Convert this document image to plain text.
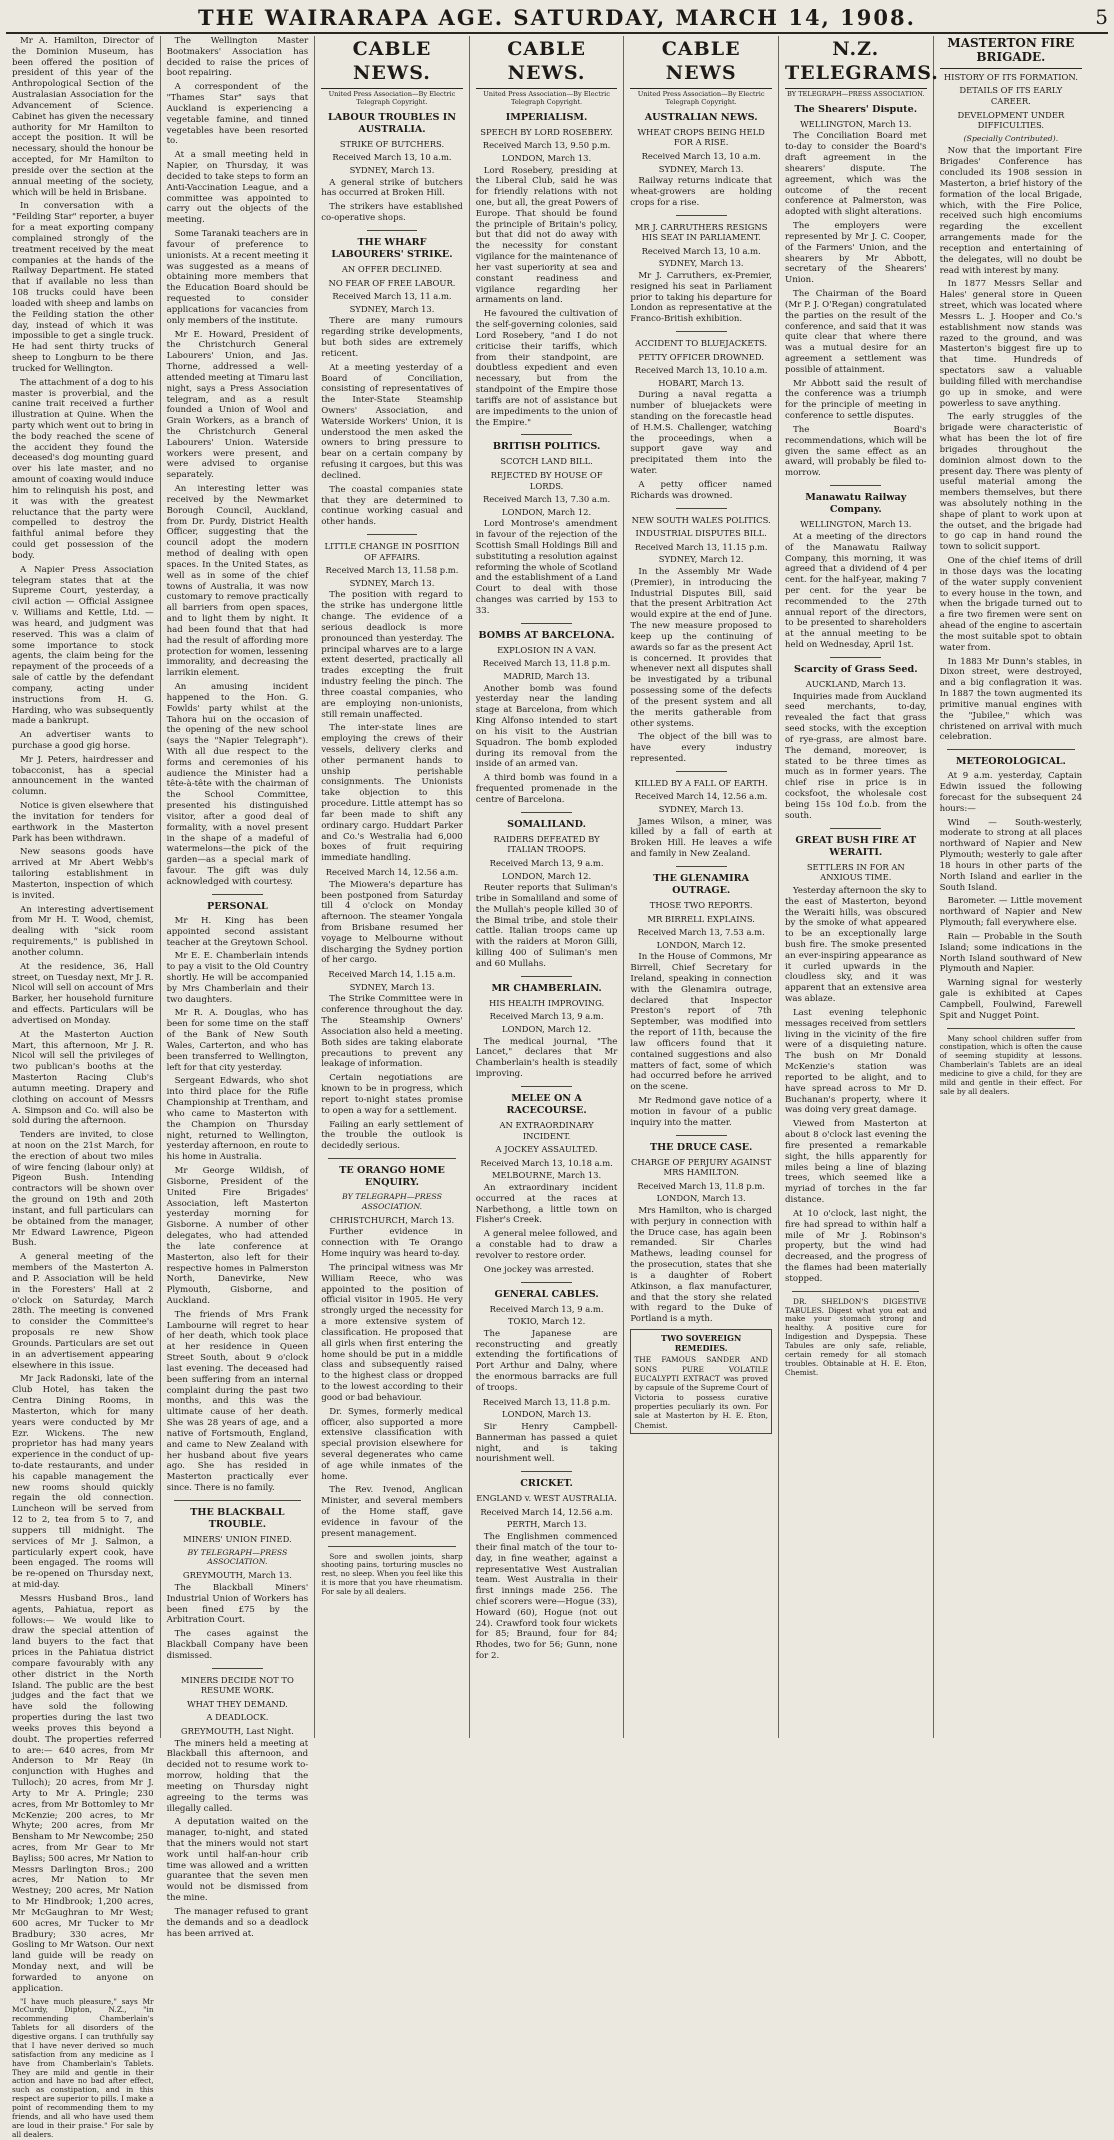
THE WAIRARAPA AGE. SATURDAY, MARCH 14, 1908.	5

Mr A. Hamilton, Director of the Dominion Museum, has been offered the position of president of this year of the Anthropological Section of the Australasian Association for the Advancement of Science. Cabinet has given the necessary authority for Mr Hamilton to accept the position. It will be necessary, should the honour be accepted, for Mr Hamilton to preside over the section at the annual meeting of the society, which will be held in Brisbane.

In conversation with a "Feilding Star" reporter, a buyer for a meat exporting company complained strongly of the treatment received by the meat companies at the hands of the Railway Department. He stated that if available no less than 108 trucks could have been loaded with sheep and lambs on the Feilding station the other day, instead of which it was impossible to get a single truck. He had sent thirty trucks of sheep to Longburn to be there trucked for Wellington.

The attachment of a dog to his master is proverbial, and the canine trait received a further illustration at Quine. When the party which went out to bring in the body reached the scene of the accident they found the deceased's dog mounting guard over his late master, and no amount of coaxing would induce him to relinquish his post, and it was with the greatest reluctance that the party were compelled to destroy the faithful animal before they could get possession of the body.

A Napier Press Association telegram states that at the Supreme Court, yesterday, a civil action — Official Assignee v. Williams and Kettle, Ltd. — was heard, and judgment was reserved. This was a claim of some importance to stock agents, the claim being for the repayment of the proceeds of a sale of cattle by the defendant company, acting under instructions from H. G. Harding, who was subsequently made a bankrupt.

An advertiser wants to purchase a good gig horse.

Mr J. Peters, hairdresser and tobacconist, has a special announcement in the wanted column.

Notice is given elsewhere that the invitation for tenders for earthwork in the Masterton Park has been withdrawn.

New seasons goods have arrived at Mr Abert Webb's tailoring establishment in Masterton, inspection of which is invited.

An interesting advertisement from Mr H. T. Wood, chemist, dealing with "sick room requirements," is published in another column.

At the residence, 36, Hall street, on Tuesday next, Mr J. R. Nicol will sell on account of Mrs Barker, her household furniture and effects. Particulars will be advertised on Monday.

At the Masterton Auction Mart, this afternoon, Mr J. R. Nicol will sell the privileges of two publican's booths at the Masterton Racing Club's autumn meeting. Drapery and clothing on account of Messrs A. Simpson and Co. will also be sold during the afternoon.

Tenders are invited, to close at noon on the 21st March, for the erection of about two miles of wire fencing (labour only) at Pigeon Bush. Intending contractors will be shown over the ground on 19th and 20th instant, and full particulars can be obtained from the manager, Mr Edward Lawrence, Pigeon Bush.

A general meeting of the members of the Masterton A. and P. Association will be held in the Foresters' Hall at 2 o'clock on Saturday, March 28th. The meeting is convened to consider the Committee's proposals re new Show Grounds. Particulars are set out in an advertisement appearing elsewhere in this issue.

Mr Jack Radonski, late of the Club Hotel, has taken the Centra Dining Rooms, in Masterton, which for many years were conducted by Mr Ezr. Wickens. The new proprietor has had many years experience in the conduct of up-to-date restaurants, and under his capable management the new rooms should quickly regain the old connection. Luncheon will be served from 12 to 2, tea from 5 to 7, and suppers till midnight. The services of Mr J. Salmon, a particularly expert cook, have been engaged. The rooms will be re-opened on Thursday next, at mid-day.

Messrs Husband Bros., land agents, Pahiatua, report as follows:— We would like to draw the special attention of land buyers to the fact that prices in the Pahiatua district compare favourably with any other district in the North Island. The public are the best judges and the fact that we have sold the following properties during the last two weeks proves this beyond a doubt. The properties referred to are:— 640 acres, from Mr Anderson to Mr Reay (in conjunction with Hughes and Tulloch); 20 acres, from Mr J. Arty to Mr A. Pringle; 230 acres, from Mr Bottomley to Mr McKenzie; 200 acres, to Mr Whyte; 200 acres, from Mr Bensham to Mr Newcombe; 250 acres, from Mr Gear to Mr Bayliss; 500 acres, Mr Nation to Messrs Darlington Bros.; 200 acres, Mr Nation to Mr Westney; 200 acres, Mr Nation to Mr Hindbrook; 1,200 acres, Mr McGaughran to Mr West; 600 acres, Mr Tucker to Mr Bradbury; 330 acres, Mr Gosling to Mr Watson. Our next land guide will be ready on Monday next, and will be forwarded to anyone on application.

"I have much pleasure," says Mr McCurdy, Dipton, N.Z., "in recommending Chamberlain's Tablets for all disorders of the digestive organs. I can truthfully say that I have never derived so much satisfaction from any medicine as I have from Chamberlain's Tablets. They are mild and gentle in their action and have no bad after effect, such as constipation, and in this respect are superior to pills. I make a point of recommending them to my friends, and all who have used them are loud in their praise." For sale by all dealers.

The Wellington Master Bootmakers' Association has decided to raise the prices of boot repairing.

A correspondent of the "Thames Star" says that Auckland is experiencing a vegetable famine, and tinned vegetables have been resorted to.

At a small meeting held in Napier, on Thursday, it was decided to take steps to form an Anti-Vaccination League, and a committee was appointed to carry out the objects of the meeting.

Some Taranaki teachers are in favour of preference to unionists. At a recent meeting it was suggested as a means of obtaining more members that the Education Board should be requested to consider applications for vacancies from only members of the institute.

Mr E. Howard, President of the Christchurch General Labourers' Union, and Jas. Thorne, addressed a well-attended meeting at Timaru last night, says a Press Association telegram, and as a result founded a Union of Wool and Grain Workers, as a branch of the Christchurch General Labourers' Union. Waterside workers were present, and were advised to organise separately.

An interesting letter was received by the Newmarket Borough Council, Auckland, from Dr. Purdy, District Health Officer, suggesting that the council adopt the modern method of dealing with open spaces. In the United States, as well as in some of the chief towns of Australia, it was now customary to remove practically all barriers from open spaces, and to light them by night. It had been found that that had had the result of affording more protection for women, lessening immorality, and decreasing the larrikin element.

An amusing incident happened to the Hon. G. Fowlds' party whilst at the Tahora hui on the occasion of the opening of the new school (says the "Napier Telegraph"). With all due respect to the forms and ceremonies of his audience the Minister had a tête-à-tête with the chairman of the School Committee, presented his distinguished visitor, after a good deal of formality, with a novel present in the shape of a madeful of watermelons—the pick of the garden—as a special mark of favour. The gift was duly acknowledged with courtesy.

PERSONAL

Mr H. King has been appointed second assistant teacher at the Greytown School.

Mr E. E. Chamberlain intends to pay a visit to the Old Country shortly. He will be accompanied by Mrs Chamberlain and their two daughters.

Mr R. A. Douglas, who has been for some time on the staff of the Bank of New South Wales, Carterton, and who has been transferred to Wellington, left for that city yesterday.

Sergeant Edwards, who shot into third place for the Rifle Championship at Trentham, and who came to Masterton with the Champion on Thursday night, returned to Wellington, yesterday afternoon, en route to his home in Australia.

Mr George Wildish, of Gisborne, President of the United Fire Brigades' Association, left Masterton yesterday morning for Gisborne. A number of other delegates, who had attended the late conference at Masterton, also left for their respective homes in Palmerston North, Danevirke, New Plymouth, Gisborne, and Auckland.

The friends of Mrs Frank Lambourne will regret to hear of her death, which took place at her residence in Queen Street South, about 9 o'clock last evening. The deceased had been suffering from an internal complaint during the past two months, and this was the ultimate cause of her death. She was 28 years of age, and a native of Fortsmouth, England, and came to New Zealand with her husband about five years ago. She has resided in Masterton practically ever since. There is no family.

THE BLACKBALL TROUBLE.
MINERS' UNION FINED.
BY TELEGRAPH—PRESS ASSOCIATION.
GREYMOUTH, March 13.

The Blackball Miners' Industrial Union of Workers has been fined £75 by the Arbitration Court.

The cases against the Blackball Company have been dismissed.

MINERS DECIDE NOT TO RESUME WORK.
WHAT THEY DEMAND.
A DEADLOCK.
GREYMOUTH, Last Night.

The miners held a meeting at Blackball this afternoon, and decided not to resume work to-morrow, holding that the meeting on Thursday night agreeing to the terms was illegally called.

A deputation waited on the manager, to-night, and stated that the miners would not start work until half-an-hour crib time was allowed and a written guarantee that the seven men would not be dismissed from the mine.

The manager refused to grant the demands and so a deadlock has been arrived at.

CABLE NEWS.
United Press Association—By Electric Telegraph Copyright.
LABOUR TROUBLES IN AUSTRALIA.
STRIKE OF BUTCHERS.
Received March 13, 10 a.m.
SYDNEY, March 13.

A general strike of butchers has occurred at Broken Hill.

The strikers have established co-operative shops.

THE WHARF LABOURERS' STRIKE.
AN OFFER DECLINED.
NO FEAR OF FREE LABOUR.
Received March 13, 11 a.m.
SYDNEY, March 13.

There are many rumours regarding strike developments, but both sides are extremely reticent.

At a meeting yesterday of a Board of Conciliation, consisting of representatives of the Inter-State Steamship Owners' Association, and Waterside Workers' Union, it is understood the men asked the owners to bring pressure to bear on a certain company by refusing it cargoes, but this was declined.

The coastal companies state that they are determined to continue working casual and other hands.

LITTLE CHANGE IN POSITION OF AFFAIRS.
Received March 13, 11.58 p.m.
SYDNEY, March 13.

The position with regard to the strike has undergone little change. The evidence of a serious deadlock is more pronounced than yesterday. The principal wharves are to a large extent deserted, practically all trades excepting the fruit industry feeling the pinch. The three coastal companies, who are employing non-unionists, still remain unaffected.

The inter-state lines are employing the crews of their vessels, delivery clerks and other permanent hands to unship perishable consignments. The Unionists take objection to this procedure. Little attempt has so far been made to shift any ordinary cargo. Huddart Parker and Co.'s Westralia had 6,000 boxes of fruit requiring immediate handling.

Received March 14, 12.56 a.m.

The Miowera's departure has been postponed from Saturday till 4 o'clock on Monday afternoon. The steamer Yongala from Brisbane resumed her voyage to Melbourne without discharging the Sydney portion of her cargo.

Received March 14, 1.15 a.m.
SYDNEY, March 13.

The Strike Committee were in conference throughout the day. The Steamship Owners' Association also held a meeting. Both sides are taking elaborate precautions to prevent any leakage of information.

Certain negotiations are known to be in progress, which report to-night states promise to open a way for a settlement.

Failing an early settlement of the trouble the outlook is decidedly serious.

TE ORANGO HOME ENQUIRY.
BY TELEGRAPH—PRESS ASSOCIATION.
CHRISTCHURCH, March 13.

Further evidence in connection with Te Orango Home inquiry was heard to-day.

The principal witness was Mr William Reece, who was appointed to the position of official visitor in 1905. He very strongly urged the necessity for a more extensive system of classification. He proposed that all girls when first entering the home should be put in a middle class and subsequently raised to the highest class or dropped to the lowest according to their good or bad behaviour.

Dr. Symes, formerly medical officer, also supported a more extensive classification with special provision elsewhere for several degenerates who came of age while inmates of the home.

The Rev. Ivenod, Anglican Minister, and several members of the Home staff, gave evidence in favour of the present management.

Sore and swollen joints, sharp shooting pains, torturing muscles no rest, no sleep. When you feel like this it is more that you have rheumatism. For sale by all dealers.

CABLE NEWS.
United Press Association—By Electric Telegraph Copyright.
IMPERIALISM.
SPEECH BY LORD ROSEBERY.
Received March 13, 9.50 p.m.
LONDON, March 13.

Lord Rosebery, presiding at the Liberal Club, said he was for friendly relations with not one, but all, the great Powers of Europe. That should be found the principle of Britain's policy, but that did not do away with the necessity for constant vigilance for the maintenance of her vast superiority at sea and constant readiness and vigilance regarding her armaments on land.

He favoured the cultivation of the self-governing colonies, said Lord Rosebery, "and I do not criticise their tariffs, which from their standpoint, are doubtless expedient and even necessary, but from the standpoint of the Empire those tariffs are not of assistance but are impediments to the union of the Empire."

BRITISH POLITICS.
SCOTCH LAND BILL.
REJECTED BY HOUSE OF LORDS.
Received March 13, 7.30 a.m.
LONDON, March 12.

Lord Montrose's amendment in favour of the rejection of the Scottish Small Holdings Bill and substituting a resolution against reforming the whole of Scotland and the establishment of a Land Court to deal with those changes was carried by 153 to 33.

BOMBS AT BARCELONA.
EXPLOSION IN A VAN.
Received March 13, 11.8 p.m.
MADRID, March 13.

Another bomb was found yesterday near the landing stage at Barcelona, from which King Alfonso intended to start on his visit to the Austrian Squadron. The bomb exploded during its removal from the inside of an armed van.

A third bomb was found in a frequented promenade in the centre of Barcelona.

SOMALILAND.
RAIDERS DEFEATED BY ITALIAN TROOPS.
Received March 13, 9 a.m.
LONDON, March 12.

Reuter reports that Suliman's tribe in Somaliland and some of the Mullah's people killed 30 of the Bimal tribe, and stole their cattle. Italian troops came up with the raiders at Moron Gilli, killing 400 of Suliman's men and 60 Mullahs.

MR CHAMBERLAIN.
HIS HEALTH IMPROVING.
Received March 13, 9 a.m.
LONDON, March 12.

The medical journal, "The Lancet," declares that Mr Chamberlain's health is steadily improving.

MELEE ON A RACECOURSE.
AN EXTRAORDINARY INCIDENT.
A JOCKEY ASSAULTED.
Received March 13, 10.18 a.m.
MELBOURNE, March 13.

An extraordinary incident occurred at the races at Narbethong, a little town on Fisher's Creek.

A general melee followed, and a constable had to draw a revolver to restore order.

One jockey was arrested.

GENERAL CABLES.
Received March 13, 9 a.m.
TOKIO, March 12.

The Japanese are reconstructing and greatly extending the fortifications of Port Arthur and Dalny, where the enormous barracks are full of troops.

Received March 13, 11.8 p.m.
LONDON, March 13.

Sir Henry Campbell-Bannerman has passed a quiet night, and is taking nourishment well.

CRICKET.
ENGLAND v. WEST AUSTRALIA.
Received March 14, 12.56 a.m.
PERTH, March 13.

The Englishmen commenced their final match of the tour to-day, in fine weather, against a representative West Australian team. West Australia in their first innings made 256. The chief scorers were—Hogue (33), Howard (60), Hogue (not out 24). Crawford took four wickets for 85; Braund, four for 84; Rhodes, two for 56; Gunn, none for 2.

CABLE NEWS
United Press Association—By Electric Telegraph Copyright.
AUSTRALIAN NEWS.
WHEAT CROPS BEING HELD FOR A RISE.
Received March 13, 10 a.m.
SYDNEY, March 13.

Railway returns indicate that wheat-growers are holding crops for a rise.

MR J. CARRUTHERS RESIGNS HIS SEAT IN PARLIAMENT.
Received March 13, 10 a.m.
SYDNEY, March 13.

Mr J. Carruthers, ex-Premier, resigned his seat in Parliament prior to taking his departure for London as representative at the Franco-British exhibition.

ACCIDENT TO BLUEJACKETS.
PETTY OFFICER DROWNED.
Received March 13, 10.10 a.m.
HOBART, March 13.

During a naval regatta a number of bluejackets were standing on the forecastle head of H.M.S. Challenger, watching the proceedings, when a support gave way and precipitated them into the water.

A petty officer named Richards was drowned.

NEW SOUTH WALES POLITICS.
INDUSTRIAL DISPUTES BILL.
Received March 13, 11.15 p.m.
SYDNEY, March 12.

In the Assembly Mr Wade (Premier), in introducing the Industrial Disputes Bill, said that the present Arbitration Act would expire at the end of June. The new measure proposed to keep up the continuing of awards so far as the present Act is concerned. It provides that whenever next all disputes shall be investigated by a tribunal possessing some of the defects of the present system and all the merits gatherable from other systems.

The object of the bill was to have every industry represented.

KILLED BY A FALL OF EARTH.
Received March 14, 12.56 a.m.
SYDNEY, March 13.

James Wilson, a miner, was killed by a fall of earth at Broken Hill. He leaves a wife and family in New Zealand.

THE GLENAMIRA OUTRAGE.
THOSE TWO REPORTS.
MR BIRRELL EXPLAINS.
Received March 13, 7.53 a.m.
LONDON, March 12.

In the House of Commons, Mr Birrell, Chief Secretary for Ireland, speaking in connection with the Glenamira outrage, declared that Inspector Preston's report of 7th September, was modified into the report of 11th, because the law officers found that it contained suggestions and also matters of fact, some of which had occurred before he arrived on the scene.

Mr Redmond gave notice of a motion in favour of a public inquiry into the matter.

THE DRUCE CASE.
CHARGE OF PERJURY AGAINST MRS HAMILTON.
Received March 13, 11.8 p.m.
LONDON, March 13.

Mrs Hamilton, who is charged with perjury in connection with the Druce case, has again been remanded. Sir Charles Mathews, leading counsel for the prosecution, states that she is a daughter of Robert Atkinson, a flax manufacturer, and that the story she related with regard to the Duke of Portland is a myth.

TWO SOVEREIGN REMEDIES.
THE FAMOUS SANDER AND SONS PURE VOLATILE EUCALYPTI EXTRACT was proved by capsule of the Supreme Court of Victoria to possess curative properties peculiarly its own. For sale at Masterton by H. E. Eton, Chemist.
N.Z. TELEGRAMS.
BY TELEGRAPH—PRESS ASSOCIATION.
The Shearers' Dispute.
WELLINGTON, March 13.

The Conciliation Board met to-day to consider the Board's draft agreement in the shearers' dispute. The agreement, which was the outcome of the recent conference at Palmerston, was adopted with slight alterations.

The employers were represented by Mr J. C. Cooper, of the Farmers' Union, and the shearers by Mr Abbott, secretary of the Shearers' Union.

The Chairman of the Board (Mr P. J. O'Regan) congratulated the parties on the result of the conference, and said that it was quite clear that where there was a mutual desire for an agreement a settlement was possible of attainment.

Mr Abbott said the result of the conference was a triumph for the principle of meeting in conference to settle disputes.

The Board's recommendations, which will be given the same effect as an award, will probably be filed to-morrow.

Manawatu Railway Company.
WELLINGTON, March 13.

At a meeting of the directors of the Manawatu Railway Company, this morning, it was agreed that a dividend of 4 per cent. for the half-year, making 7 per cent. for the year be recommended to the 27th annual report of the directors, to be presented to shareholders at the annual meeting to be held on Wednesday, April 1st.

Scarcity of Grass Seed.
AUCKLAND, March 13.

Inquiries made from Auckland seed merchants, to-day, revealed the fact that grass seed stocks, with the exception of rye-grass, are almost bare. The demand, moreover, is stated to be three times as much as in former years. The chief rise in price is in cocksfoot, the wholesale cost being 15s 10d f.o.b. from the south.

GREAT BUSH FIRE AT WERAITI.
SETTLERS IN FOR AN ANXIOUS TIME.

Yesterday afternoon the sky to the east of Masterton, beyond the Weraiti hills, was obscured by the smoke of what appeared to be an exceptionally large bush fire. The smoke presented an ever-inspiring appearance as it curled upwards in the cloudless sky, and it was apparent that an extensive area was ablaze.

Last evening telephonic messages received from settlers living in the vicinity of the fire were of a disquieting nature. The bush on Mr Donald McKenzie's station was reported to be alight, and to have spread across to Mr D. Buchanan's property, where it was doing very great damage.

Viewed from Masterton at about 8 o'clock last evening the fire presented a remarkable sight, the hills apparently for miles being a line of blazing trees, which seemed like a myriad of torches in the far distance.

At 10 o'clock, last night, the fire had spread to within half a mile of Mr J. Robinson's property, but the wind had decreased, and the progress of the flames had been materially stopped.

DR. SHELDON'S DIGESTIVE TABULES. Digest what you eat and make your stomach strong and healthy. A positive cure for Indigestion and Dyspepsia. These Tabules are only safe, reliable, certain remedy for all stomach troubles. Obtainable at H. E. Eton, Chemist.

MASTERTON FIRE BRIGADE.
HISTORY OF ITS FORMATION.
DETAILS OF ITS EARLY CAREER.
DEVELOPMENT UNDER DIFFICULTIES.
(Specially Contributed).

Now that the important Fire Brigades' Conference has concluded its 1908 session in Masterton, a brief history of the formation of the local Brigade, which, with the Fire Police, received such high encomiums regarding the excellent arrangements made for the reception and entertaining of the delegates, will no doubt be read with interest by many.

In 1877 Messrs Sellar and Hales' general store in Queen street, which was located where Messrs L. J. Hooper and Co.'s establishment now stands was razed to the ground, and was Masterton's biggest fire up to that time. Hundreds of spectators saw a valuable building filled with merchandise go up in smoke, and were powerless to save anything.

The early struggles of the brigade were characteristic of what has been the lot of fire brigades throughout the dominion almost down to the present day. There was plenty of useful material among the members themselves, but there was absolutely nothing in the shape of plant to work upon at the outset, and the brigade had to go cap in hand round the town to solicit support.

One of the chief items of drill in those days was the locating of the water supply convenient to every house in the town, and when the brigade turned out to a fire two firemen were sent on ahead of the engine to ascertain the most suitable spot to obtain water from.

In 1883 Mr Dunn's stables, in Dixon street, were destroyed, and a big conflagration it was. In 1887 the town augmented its primitive manual engines with the "Jubilee," which was christened on arrival with much celebration.

METEOROLOGICAL.

At 9 a.m. yesterday, Captain Edwin issued the following forecast for the subsequent 24 hours:—

Wind — South-westerly, moderate to strong at all places northward of Napier and New Plymouth; westerly to gale after 18 hours in other parts of the North Island and earlier in the South Island.

Barometer. — Little movement northward of Napier and New Plymouth; fall everywhere else.

Rain — Probable in the South Island; some indications in the North Island southward of New Plymouth and Napier.

Warning signal for westerly gale is exhibited at Capes Campbell, Foulwind, Farewell Spit and Nugget Point.

Many school children suffer from constipation, which is often the cause of seeming stupidity at lessons. Chamberlain's Tablets are an ideal medicine to give a child, for they are mild and gentle in their effect. For sale by all dealers.
